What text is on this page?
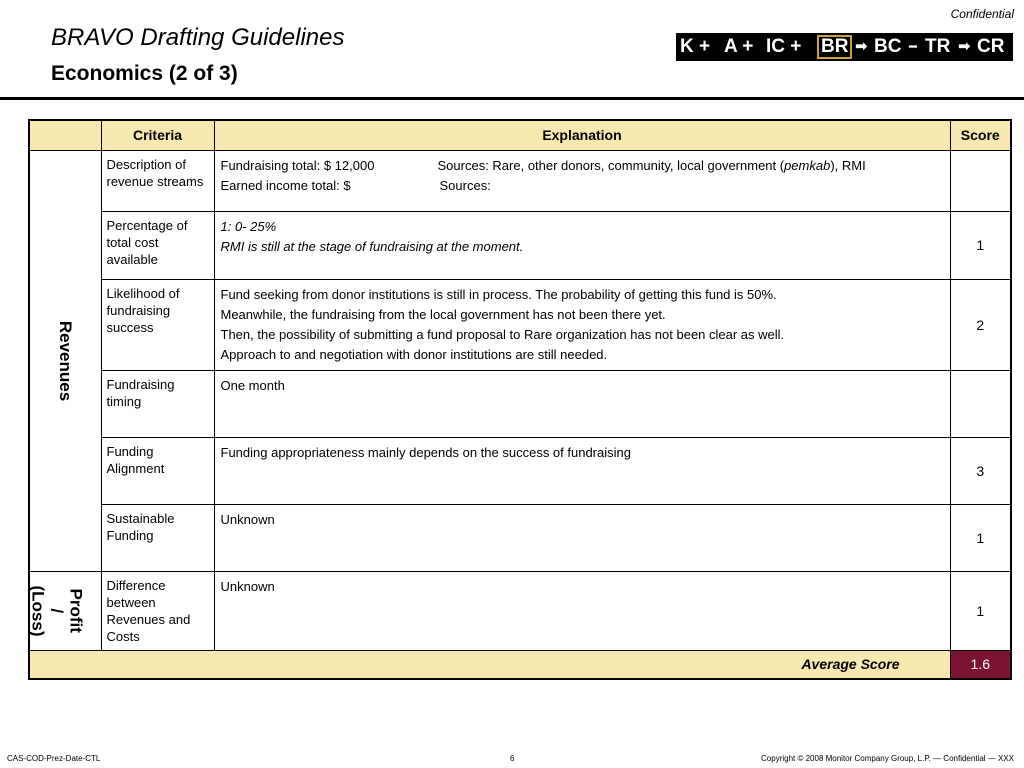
Confidential
BRAVO Drafting Guidelines
Economics (2 of 3)
K + A + IC + BR ➡ BC ━ TR ➡ CR
	Criteria	Explanation	Score

Revenues	Description of revenue streams	Fundraising total: $ 12,000 Sources: Rare, other donors, community, local government (pemkab), RMI
Earned income total: $ Sources:	

	Percentage of total cost available	1: 0- 25%
RMI is still at the stage of fundraising at the moment.	1
	Likelihood of fundraising success	Fund seeking from donor institutions is still in process. The probability of getting this fund is 50%.
Meanwhile, the fundraising from the local government has not been there yet.
Then, the possibility of submitting a fund proposal to Rare organization has not been clear as well.
Approach to and negotiation with donor institutions are still needed.	2
	Fundraising timing	One month	

	Funding Alignment	Funding appropriateness mainly depends on the success of fundraising	3
	Sustainable Funding	Unknown	1

Profit / (Loss)	Difference between Revenues and Costs	Unknown	1
Average Score			1.6
CAS-COD-Prez-Date-CTL	6	Copyright © 2008 Monitor Company Group, L.P. — Confidential — XXX
